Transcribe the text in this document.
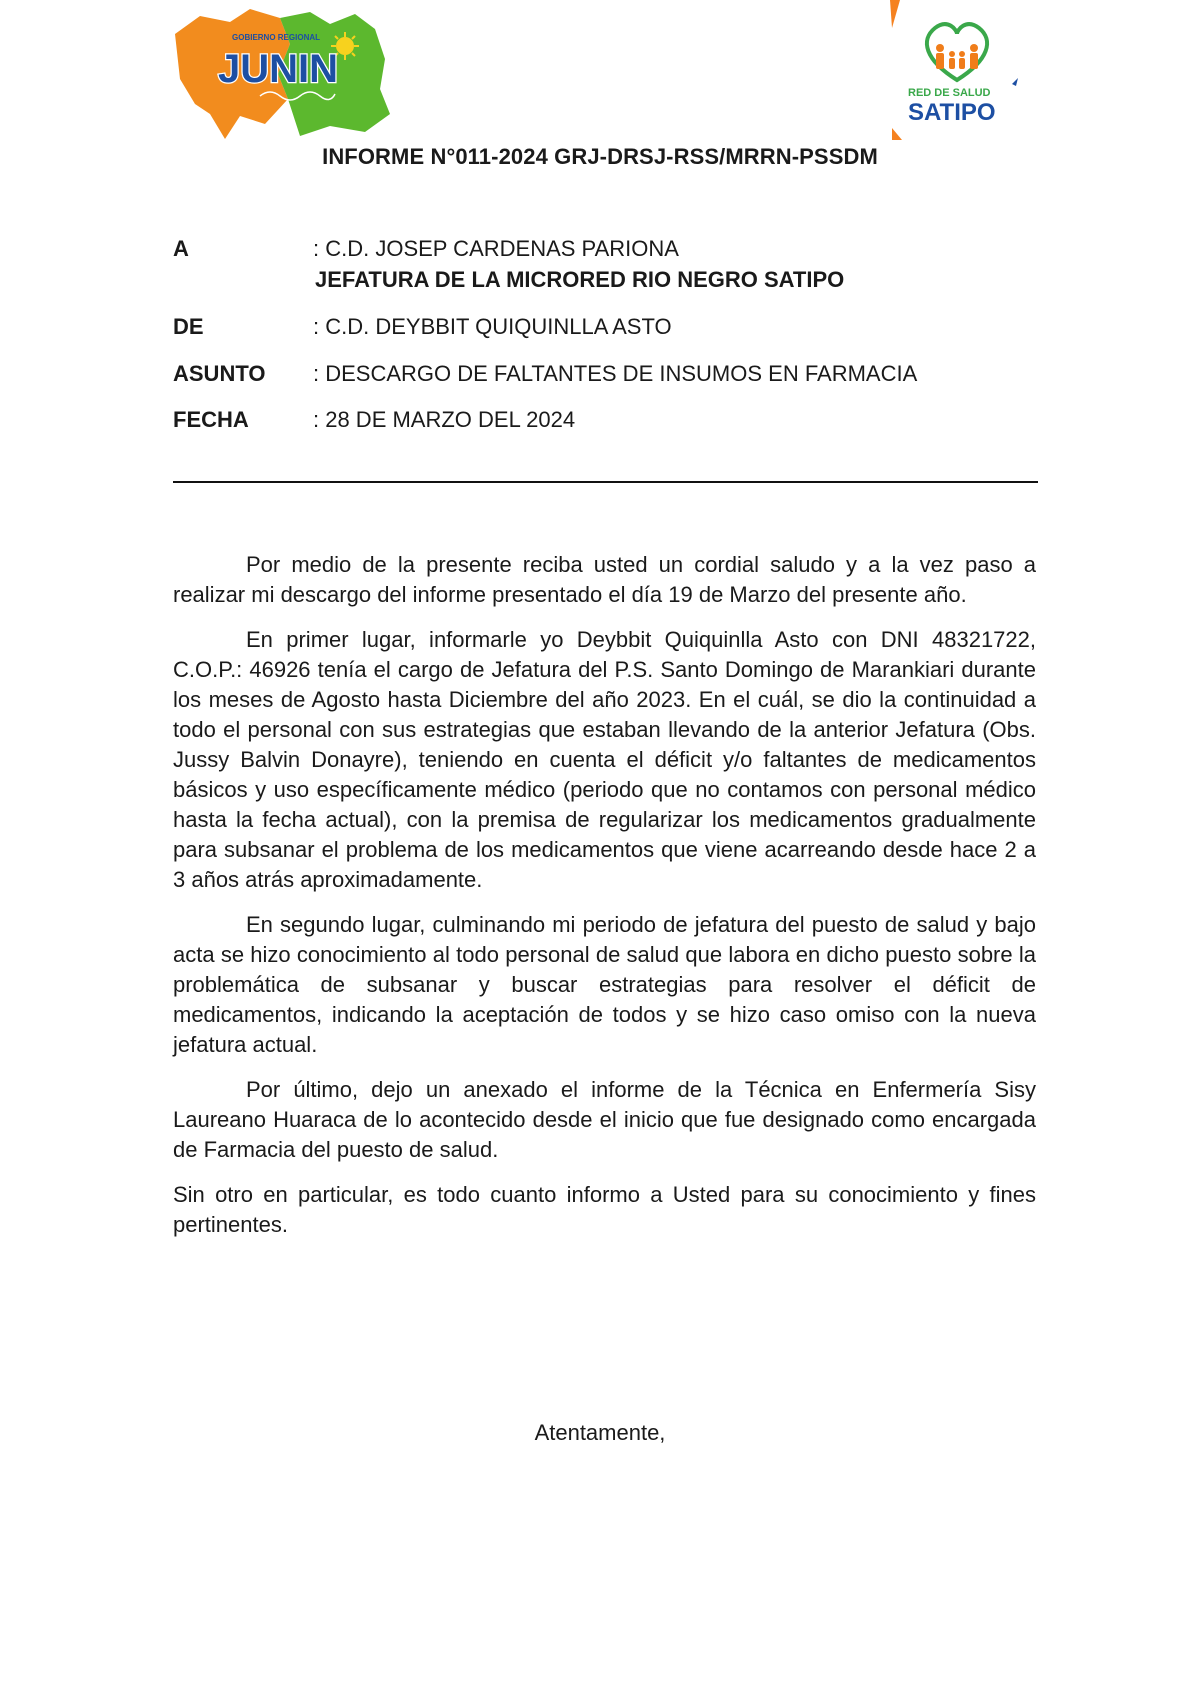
GOBIERNO REGIONAL
JUNIN
RED DE SALUD
SATIPO
INFORME N°011-2024 GRJ-DRSJ-RSS/MRRN-PSSDM
A	: C.D. JOSEP CARDENAS PARIONA
JEFATURA DE LA MICRORED RIO NEGRO SATIPO
DE	: C.D. DEYBBIT QUIQUINLLA ASTO
ASUNTO : DESCARGO DE FALTANTES DE INSUMOS EN FARMACIA
FECHA	: 28 DE MARZO DEL 2024

Por medio de la presente reciba usted un cordial saludo y a la vez paso a realizar mi descargo del informe presentado el día 19 de Marzo del presente año.

En primer lugar, informarle yo Deybbit Quiquinlla Asto con DNI 48321722, C.O.P.: 46926 tenía el cargo de Jefatura del P.S. Santo Domingo de Marankiari durante los meses de Agosto hasta Diciembre del año 2023. En el cuál, se dio la continuidad a todo el personal con sus estrategias que estaban llevando de la anterior Jefatura (Obs. Jussy Balvin Donayre), teniendo en cuenta el déficit y/o faltantes de medicamentos básicos y uso específicamente médico (periodo que no contamos con personal médico hasta la fecha actual), con la premisa de regularizar los medicamentos gradualmente para subsanar el problema de los medicamentos que viene acarreando desde hace 2 a 3 años atrás aproximadamente.

En segundo lugar, culminando mi periodo de jefatura del puesto de salud y bajo acta se hizo conocimiento al todo personal de salud que labora en dicho puesto sobre la problemática de subsanar y buscar estrategias para resolver el déficit de medicamentos, indicando la aceptación de todos y se hizo caso omiso con la nueva jefatura actual.

Por último, dejo un anexado el informe de la Técnica en Enfermería Sisy Laureano Huaraca de lo acontecido desde el inicio que fue designado como encargada de Farmacia del puesto de salud.

Sin otro en particular, es todo cuanto informo a Usted para su conocimiento y fines pertinentes.

Atentamente,
